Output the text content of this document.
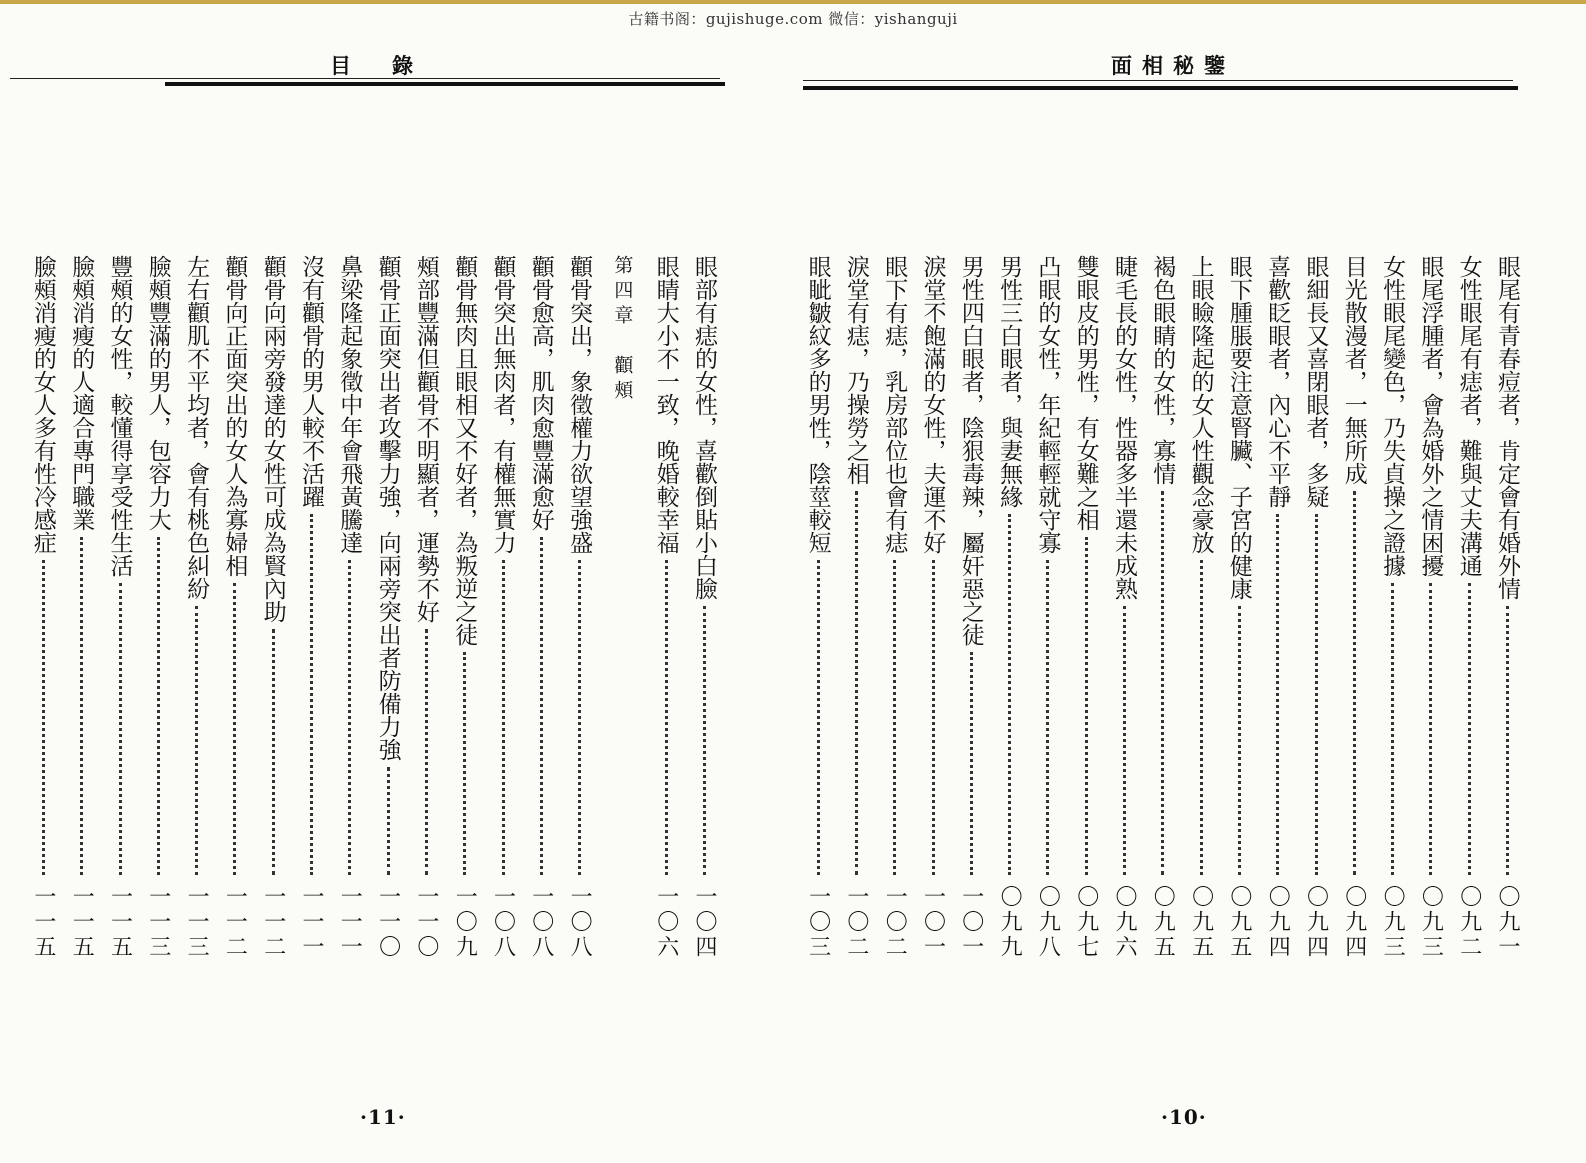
古籍书阁：gujishuge.com 微信：yishanguji
目　錄
眼部有痣的女性，喜歡倒貼小白臉
一〇四
眼睛大小不一致，晚婚較幸福
一〇六
第四章　顴頰
顴骨突出，象徵權力欲望強盛
一〇八
顴骨愈高，肌肉愈豐滿愈好
一〇八
顴骨突出無肉者，有權無實力
一〇八
顴骨無肉且眼相又不好者，為叛逆之徒
一〇九
頰部豐滿但顴骨不明顯者，運勢不好
一一〇
顴骨正面突出者攻擊力強，向兩旁突出者防備力強
一一〇
鼻梁隆起象徵中年會飛黃騰達
一一一
沒有顴骨的男人較不活躍
一一一
顴骨向兩旁發達的女性可成為賢內助
一一二
顴骨向正面突出的女人為寡婦相
一一二
左右顴肌不平均者，會有桃色糾紛
一一三
臉頰豐滿的男人，包容力大
一一三
豐頰的女性，較懂得享受性生活
一一五
臉頰消瘦的人適合專門職業
一一五
臉頰消瘦的女人多有性冷感症
一一五
·11·
面相秘鑒
眼尾有青春痘者，肯定會有婚外情
〇九一
女性眼尾有痣者，難與丈夫溝通
〇九二
眼尾浮腫者，會為婚外之情困擾
〇九三
女性眼尾變色，乃失貞操之證據
〇九三
目光散漫者，一無所成
〇九四
眼細長又喜閉眼者，多疑
〇九四
喜歡眨眼者，內心不平靜
〇九四
眼下腫脹要注意腎臟、子宮的健康
〇九五
上眼瞼隆起的女人性觀念豪放
〇九五
褐色眼睛的女性，寡情
〇九五
睫毛長的女性，性器多半還未成熟
〇九六
雙眼皮的男性，有女難之相
〇九七
凸眼的女性，年紀輕輕就守寡
〇九八
男性三白眼者，與妻無緣
〇九九
男性四白眼者，陰狠毒辣，屬奸惡之徒
一〇一
淚堂不飽滿的女性，夫運不好
一〇一
眼下有痣，乳房部位也會有痣
一〇二
淚堂有痣，乃操勞之相
一〇二
眼眦皺紋多的男性，陰莖較短
一〇三
·10·
